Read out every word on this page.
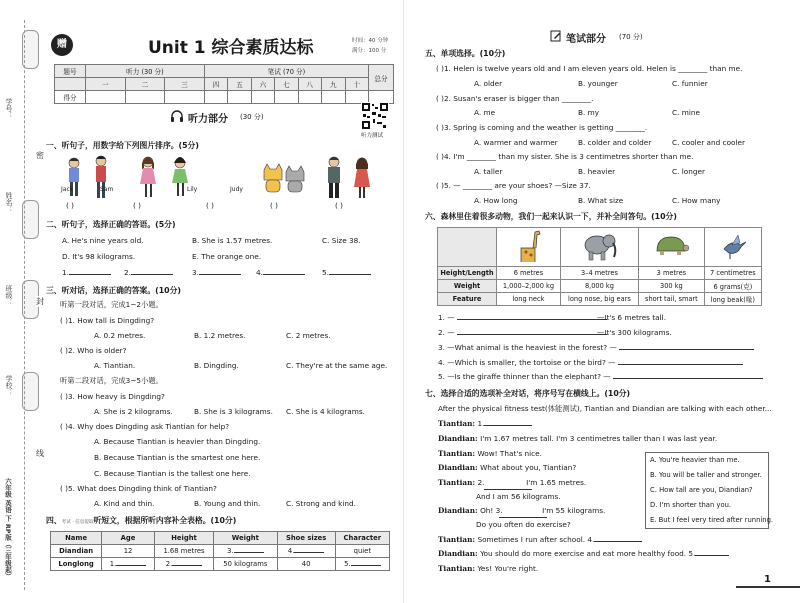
学号：
姓名：
班级：
学校：
密
封
线
六年级 英语 下 RP版（三年级起）
赠	Unit 1 综合素质达标	时间：40 分钟
满分：100 分
题号	听力 (30 分)			笔试 (70 分)							总分
	一	二	三	四	五	六	七	八	九	十	
得分											
听力测试
听力部分 (30 分)
一、听句子，用数字给下列图片排序。(5分)
Jack	Sam	Lily	Judy
( )	( )	( )	( )	( )
二、听句子，选择正确的答语。(5分)
A. He's nine years old.	B. She is 1.57 metres.	C. Size 38.
D. It's 98 kilograms.	E. The orange one.
1.	2.	3.	4.	5.
三、听对话，选择正确的答案。(10分)
听第一段对话，完成1~2小题。
( )1. How tall is Dingding?
A. 0.2 metres.	B. 1.2 metres.	C. 2 metres.
( )2. Who is older?
A. Tiantian.	B. Dingding.	C. They're at the same age.
听第二段对话，完成3~5小题。
( )3. How heavy is Dingding?
A. She is 2 kilograms.	B. She is 3 kilograms. C. She is 4 kilograms.
( )4. Why does Dingding ask Tiantian for help?
A. Because Tiantian is heavier than Dingding.
B. Because Tiantian is the smartest one here.
C. Because Tiantian is the tallest one here.
( )5. What does Dingding think of Tiantian?
A. Kind and thin.	B. Young and thin.	C. Strong and kind.
四、考试 · 信息提取听短文，根据所听内容补全表格。(10分)
Name	Age	Height	Weight	Shoe sizes	Character
Diandian	12	1.68 metres	3.	4.	quiet
Longlong	1.	2.	50 kilograms	40	5.
笔试部分 (70 分)
五、单项选择。(10分)
( )1. Helen is twelve years old and I am eleven years old. Helen is ________ than me.
A. older	B. younger	C. funnier
( )2. Susan's eraser is bigger than ________.
A. me	B. my	C. mine
( )3. Spring is coming and the weather is getting ________.
A. warmer and warmer	B. colder and colder	C. cooler and cooler
( )4. I'm ________ than my sister. She is 3 centimetres shorter than me.
A. taller	B. heavier	C. longer
( )5. — ________ are your shoes? —Size 37.
A. How long	B. What size	C. How many
六、森林里住着很多动物，我们一起来认识一下，并补全问答句。(10分)

Height/Length	6 metres	3–4 metres	3 metres	7 centimetres
Weight	1,000–2,000 kg	8,000 kg	300 kg	6 grams(克)
Feature	long neck	long nose, big ears	short tail, smart	long beak(喙)
1. —	—It's 6 metres tall.
2. —	—It's 300 kilograms.
3. —What animal is the heaviest in the forest? —
4. —Which is smaller, the tortoise or the bird? —
5. —Is the giraffe thinner than the elephant? —
七、选择合适的选项补全对话，将序号写在横线上。(10分)
After the physical fitness test(体能测试), Tiantian and Diandian are talking with each other...
Tiantian: 1.
Diandian: I'm 1.67 metres tall. I'm 3 centimetres taller than I was last year.
Tiantian: Wow! That's nice.
Diandian: What about you, Tiantian?
Tiantian: 2.                  I'm 1.65 metres.
And I am 56 kilograms.
Diandian: Oh! 3.                 I'm 55 kilograms.
Do you often do exercise?
Tiantian: Sometimes I run after school. 4.
Diandian: You should do more exercise and eat more healthy food. 5.
Tiantian: Yes! You're right.
A. You're heavier than me.
B. You will be taller and stronger.
C. How tall are you, Diandian?
D. I'm shorter than you.
E. But I feel very tired after running.
1
